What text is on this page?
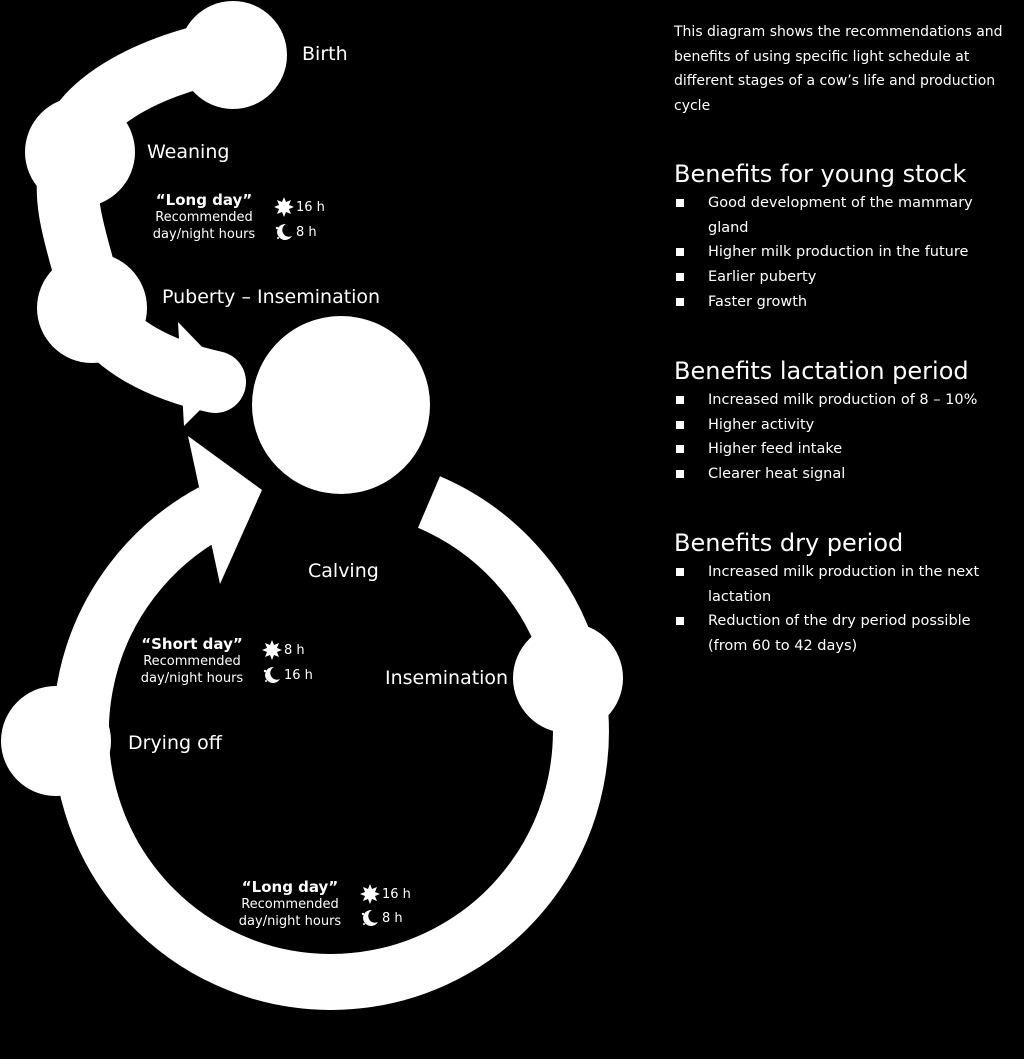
Birth
Weaning
Puberty – Insemination
Calving
Insemination
Drying off
“Long day”
Recommended
day/night hours
16 h
8 h
“Short day”
Recommended
day/night hours
8 h
16 h
“Long day”
Recommended
day/night hours
16 h
8 h

This diagram shows the recommendations and benefits of using specific light schedule at different stages of a cow’s life and production cycle

Benefits for young stock
Good development of the mammary gland
Higher milk production in the future
Earlier puberty
Faster growth
Benefits lactation period
Increased milk production of 8 – 10%
Higher activity
Higher feed intake
Clearer heat signal
Benefits dry period
Increased milk production in the next lactation
Reduction of the dry period possible (from 60 to 42 days)
